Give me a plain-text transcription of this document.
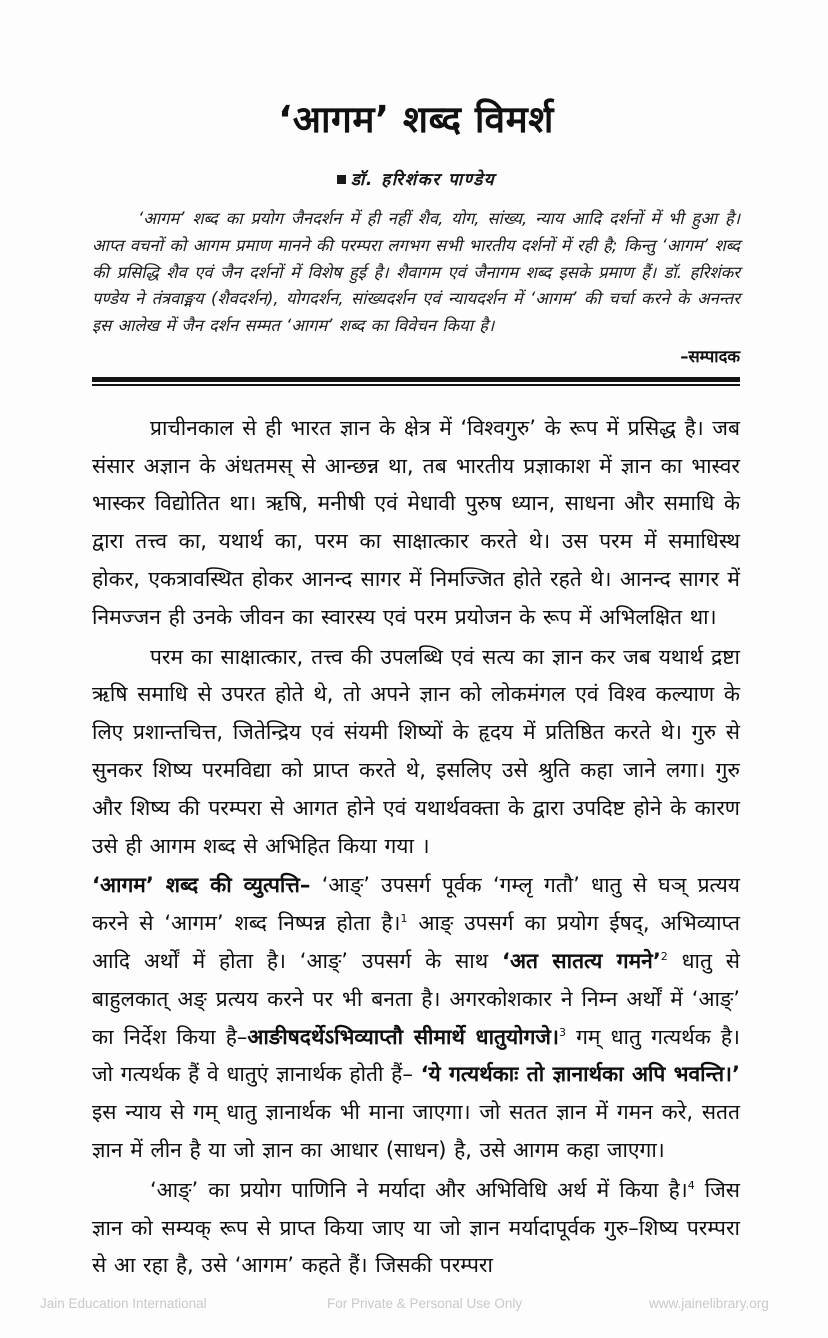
‘आगम’ शब्द विमर्श
डॉ. हरिशंकर पाण्डेय
‘आगम’ शब्द का प्रयोग जैनदर्शन में ही नहीं शैव, योग, सांख्य, न्याय आदि दर्शनों में भी हुआ है। आप्त वचनों को आगम प्रमाण मानने की परम्परा लगभग सभी भारतीय दर्शनों में रही है; किन्तु ‘आगम’ शब्द की प्रसिद्धि शैव एवं जैन दर्शनों में विशेष हुई है। शैवागम एवं जैनागम शब्द इसके प्रमाण हैं। डॉ. हरिशंकर पण्डेय ने तंत्रवाङ्मय (शैवदर्शन), योगदर्शन, सांख्यदर्शन एवं न्यायदर्शन में ‘आगम’ की चर्चा करने के अनन्तर इस आलेख में जैन दर्शन सम्मत ‘आगम’ शब्द का विवेचन किया है।
–सम्पादक

प्राचीनकाल से ही भारत ज्ञान के क्षेत्र में ‘विश्वगुरु’ के रूप में प्रसिद्ध है। जब संसार अज्ञान के अंधतमस् से आन्छन्न था, तब भारतीय प्रज्ञाकाश में ज्ञान का भास्वर भास्कर विद्योतित था। ऋषि, मनीषी एवं मेधावी पुरुष ध्यान, साधना और समाधि के द्वारा तत्त्व का, यथार्थ का, परम का साक्षात्कार करते थे। उस परम में समाधिस्थ होकर, एकत्रावस्थित होकर आनन्द सागर में निमज्जित होते रहते थे। आनन्द सागर में निमज्जन ही उनके जीवन का स्वारस्य एवं परम प्रयोजन के रूप में अभिलक्षित था।

परम का साक्षात्कार, तत्त्व की उपलब्धि एवं सत्य का ज्ञान कर जब यथार्थ द्रष्टा ऋषि समाधि से उपरत होते थे, तो अपने ज्ञान को लोकमंगल एवं विश्व कल्याण के लिए प्रशान्तचित्त, जितेन्द्रिय एवं संयमी शिष्यों के हृदय में प्रतिष्ठित करते थे। गुरु से सुनकर शिष्य परमविद्या को प्राप्त करते थे, इसलिए उसे श्रुति कहा जाने लगा। गुरु और शिष्य की परम्परा से आगत होने एवं यथार्थवक्ता के द्वारा उपदिष्ट होने के कारण उसे ही आगम शब्द से अभिहित किया गया ।

‘आगम’ शब्द की व्युत्पत्ति– ‘आङ्’ उपसर्ग पूर्वक ‘गम्लृ गतौ’ धातु से घञ् प्रत्यय करने से ‘आगम’ शब्द निष्पन्न होता है।$^1$ आङ् उपसर्ग का प्रयोग ईषद्, अभिव्याप्त आदि अर्थों में होता है। ‘आङ्’ उपसर्ग के साथ ‘अत सातत्य गमने’$^2$ धातु से बाहुलकात् अङ् प्रत्यय करने पर भी बनता है। अगरकोशकार ने निम्न अर्थों में ‘आङ्’ का निर्देश किया है–आङीषदर्थेऽभिव्याप्तौ सीमार्थे धातुयोगजे।$^3$ गम् धातु गत्यर्थक है। जो गत्यर्थक हैं वे धातुएं ज्ञानार्थक होती हैं– ‘ये गत्यर्थकाः तो ज्ञानार्थका अपि भवन्ति।’ इस न्याय से गम् धातु ज्ञानार्थक भी माना जाएगा। जो सतत ज्ञान में गमन करे, सतत ज्ञान में लीन है या जो ज्ञान का आधार (साधन) है, उसे आगम कहा जाएगा।

‘आङ्’ का प्रयोग पाणिनि ने मर्यादा और अभिविधि अर्थ में किया है।$^4$ जिस ज्ञान को सम्यक् रूप से प्राप्त किया जाए या जो ज्ञान मर्यादापूर्वक गुरु–शिष्य परम्परा से आ रहा है, उसे ‘आगम’ कहते हैं। जिसकी परम्परा

Jain Education International	For Private & Personal Use Only	www.jainelibrary.org
